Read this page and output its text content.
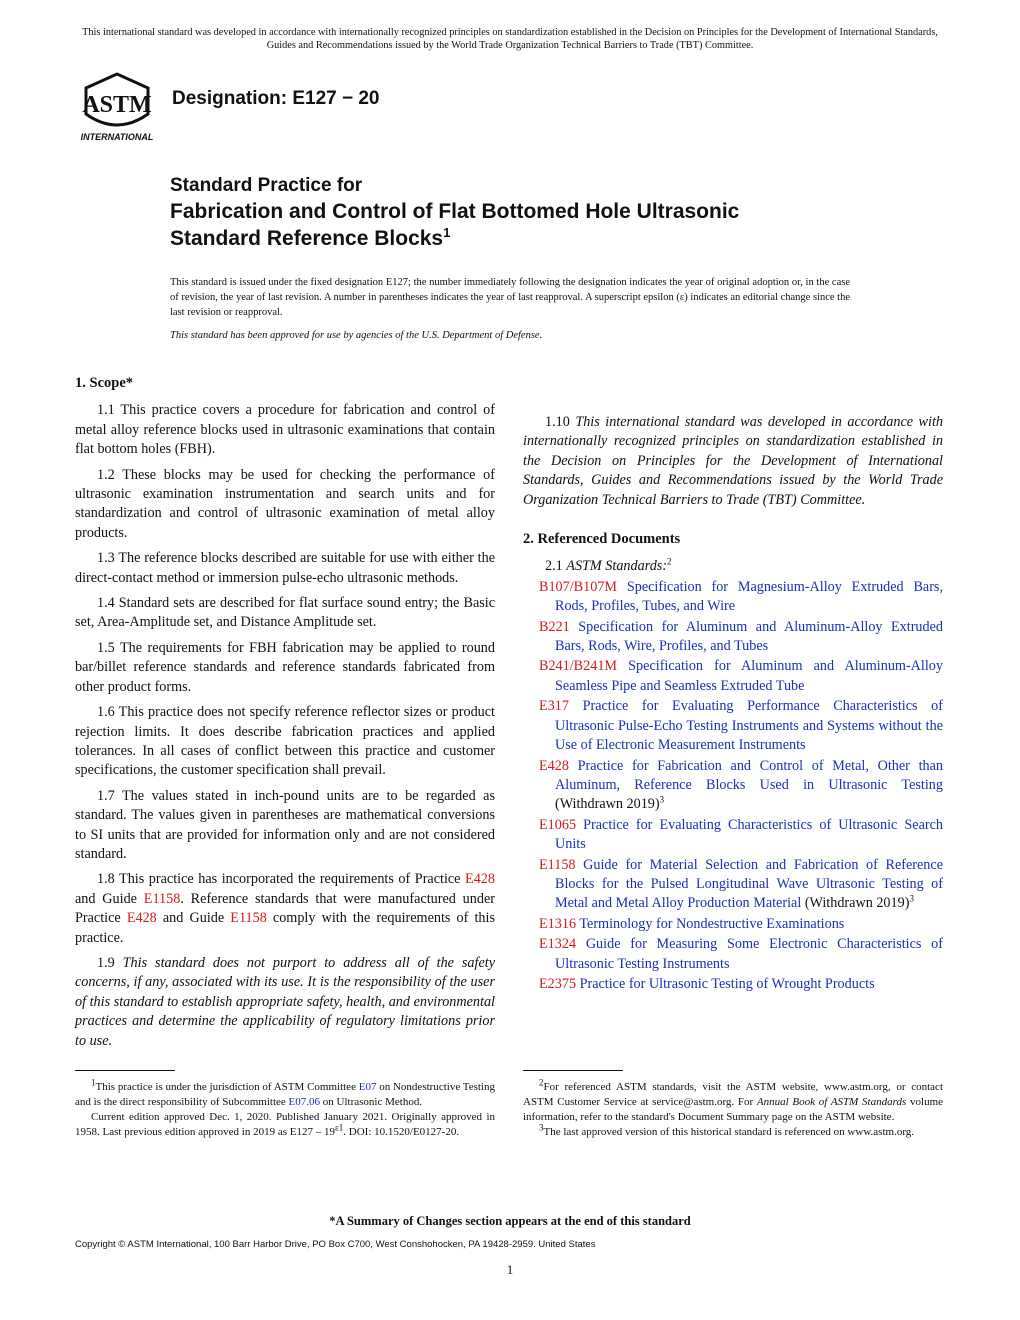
This international standard was developed in accordance with internationally recognized principles on standardization established in the Decision on Principles for the Development of International Standards, Guides and Recommendations issued by the World Trade Organization Technical Barriers to Trade (TBT) Committee.
ASTM
INTERNATIONAL
Designation: E127 − 20
Standard Practice for
Fabrication and Control of Flat Bottomed Hole Ultrasonic
Standard Reference Blocks$^1$
This standard is issued under the fixed designation E127; the number immediately following the designation indicates the year of original adoption or, in the case of revision, the year of last revision. A number in parentheses indicates the year of last reapproval. A superscript epsilon (ε) indicates an editorial change since the last revision or reapproval.
This standard has been approved for use by agencies of the U.S. Department of Defense.
1. Scope*

1.1 This practice covers a procedure for fabrication and control of metal alloy reference blocks used in ultrasonic examinations that contain flat bottom holes (FBH).

1.2 These blocks may be used for checking the performance of ultrasonic examination instrumentation and search units and for standardization and control of ultrasonic examination of metal alloy products.

1.3 The reference blocks described are suitable for use with either the direct-contact method or immersion pulse-echo ultrasonic methods.

1.4 Standard sets are described for flat surface sound entry; the Basic set, Area-Amplitude set, and Distance Amplitude set.

1.5 The requirements for FBH fabrication may be applied to round bar/billet reference standards and reference standards fabricated from other product forms.

1.6 This practice does not specify reference reflector sizes or product rejection limits. It does describe fabrication practices and applied tolerances. In all cases of conflict between this practice and customer specifications, the customer specification shall prevail.

1.7 The values stated in inch-pound units are to be regarded as standard. The values given in parentheses are mathematical conversions to SI units that are provided for information only and are not considered standard.

1.8 This practice has incorporated the requirements of Practice E428 and Guide E1158. Reference standards that were manufactured under Practice E428 and Guide E1158 comply with the requirements of this practice.

1.9 This standard does not purport to address all of the safety concerns, if any, associated with its use. It is the responsibility of the user of this standard to establish appropriate safety, health, and environmental practices and determine the applicability of regulatory limitations prior to use.

1.10 This international standard was developed in accordance with internationally recognized principles on standardization established in the Decision on Principles for the Development of International Standards, Guides and Recommendations issued by the World Trade Organization Technical Barriers to Trade (TBT) Committee.

2. Referenced Documents

2.1 ASTM Standards:$^2$

B107/B107M Specification for Magnesium-Alloy Extruded Bars, Rods, Profiles, Tubes, and Wire

B221 Specification for Aluminum and Aluminum-Alloy Extruded Bars, Rods, Wire, Profiles, and Tubes

B241/B241M Specification for Aluminum and Aluminum-Alloy Seamless Pipe and Seamless Extruded Tube

E317 Practice for Evaluating Performance Characteristics of Ultrasonic Pulse-Echo Testing Instruments and Systems without the Use of Electronic Measurement Instruments

E428 Practice for Fabrication and Control of Metal, Other than Aluminum, Reference Blocks Used in Ultrasonic Testing (Withdrawn 2019)$^3$

E1065 Practice for Evaluating Characteristics of Ultrasonic Search Units

E1158 Guide for Material Selection and Fabrication of Reference Blocks for the Pulsed Longitudinal Wave Ultrasonic Testing of Metal and Metal Alloy Production Material (Withdrawn 2019)$^3$

E1316 Terminology for Nondestructive Examinations

E1324 Guide for Measuring Some Electronic Characteristics of Ultrasonic Testing Instruments

E2375 Practice for Ultrasonic Testing of Wrought Products

$^1$This practice is under the jurisdiction of ASTM Committee E07 on Nondestructive Testing and is the direct responsibility of Subcommittee E07.06 on Ultrasonic Method.

Current edition approved Dec. 1, 2020. Published January 2021. Originally approved in 1958. Last previous edition approved in 2019 as $E127 - 19^{\varepsilon 1}$. DOI: 10.1520/E0127-20.

$^2$For referenced ASTM standards, visit the ASTM website, www.astm.org, or contact ASTM Customer Service at service@astm.org. For Annual Book of ASTM Standards volume information, refer to the standard's Document Summary page on the ASTM website.

$^3$The last approved version of this historical standard is referenced on www.astm.org.

*A Summary of Changes section appears at the end of this standard
Copyright © ASTM International, 100 Barr Harbor Drive, PO Box C700, West Conshohocken, PA 19428-2959. United States
1
